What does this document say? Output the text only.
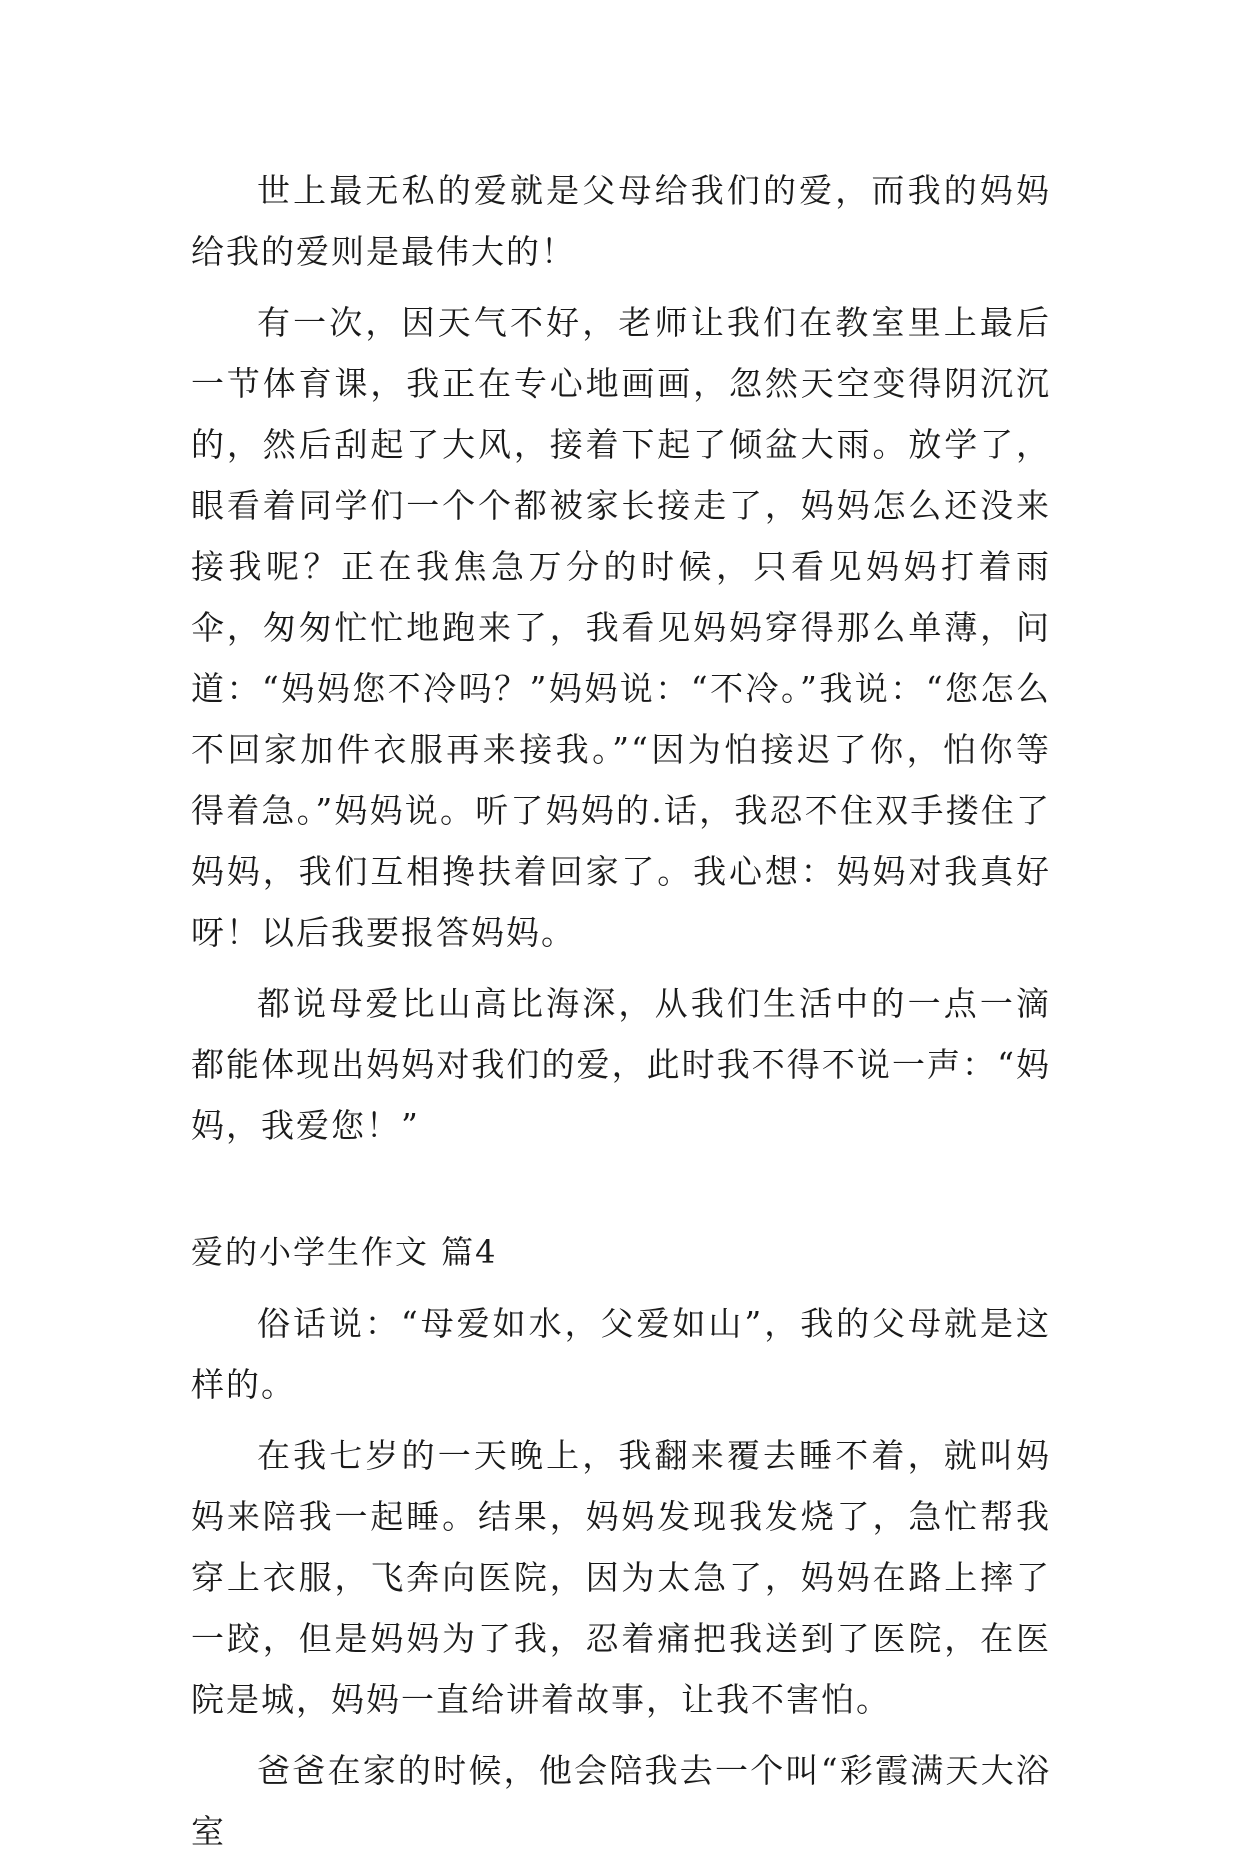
世上最无私的爱就是父母给我们的爱，而我的妈妈给我的爱则是最伟大的！

有一次，因天气不好，老师让我们在教室里上最后一节体育课，我正在专心地画画，忽然天空变得阴沉沉的，然后刮起了大风，接着下起了倾盆大雨。放学了，眼看着同学们一个个都被家长接走了，妈妈怎么还没来接我呢？正在我焦急万分的时候，只看见妈妈打着雨伞，匆匆忙忙地跑来了，我看见妈妈穿得那么单薄，问道：“妈妈您不冷吗？”妈妈说：“不冷。”我说：“您怎么不回家加件衣服再来接我。”“因为怕接迟了你，怕你等得着急。”妈妈说。听了妈妈的.话，我忍不住双手搂住了妈妈，我们互相搀扶着回家了。我心想：妈妈对我真好呀！以后我要报答妈妈。

都说母爱比山高比海深，从我们生活中的一点一滴都能体现出妈妈对我们的爱，此时我不得不说一声：“妈妈，我爱您！”

爱的小学生作文 篇4

俗话说：“母爱如水，父爱如山”，我的父母就是这样的。

在我七岁的一天晚上，我翻来覆去睡不着，就叫妈妈来陪我一起睡。结果，妈妈发现我发烧了，急忙帮我穿上衣服，飞奔向医院，因为太急了，妈妈在路上摔了一跤，但是妈妈为了我，忍着痛把我送到了医院，在医院是城，妈妈一直给讲着故事，让我不害怕。

爸爸在家的时候，他会陪我去一个叫“彩霞满天大浴室
